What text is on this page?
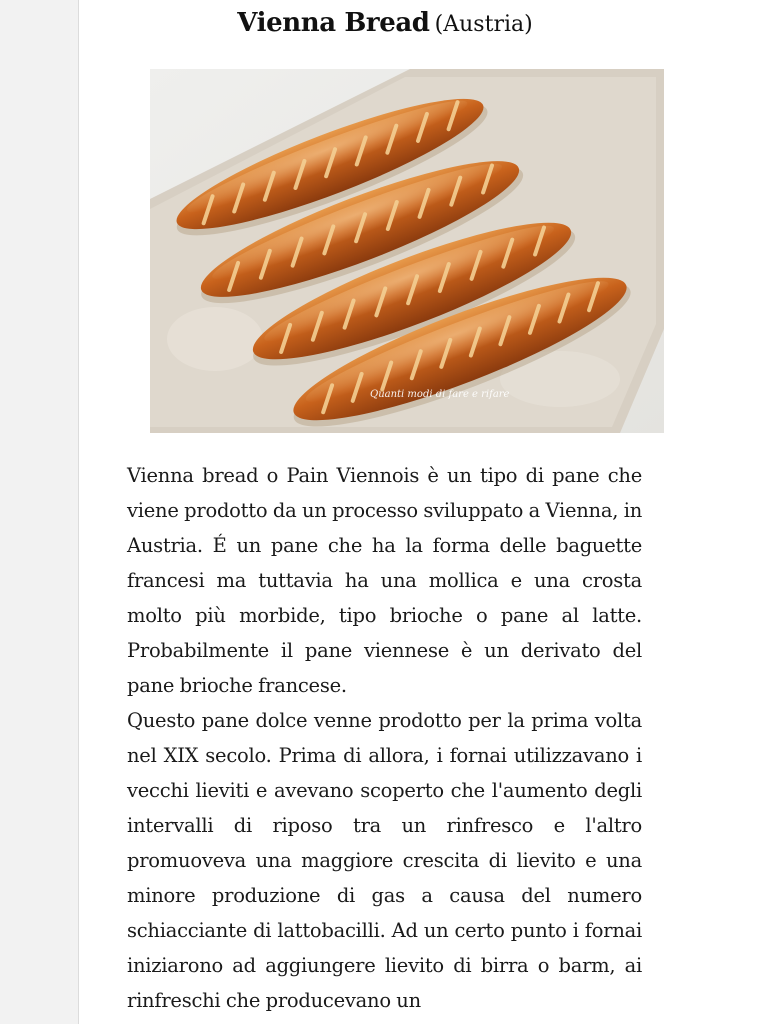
Vienna Bread (Austria)
Quanti modi di fare e rifare

Vienna bread o Pain Viennois è un tipo di pane che viene prodotto da un processo sviluppato a Vienna, in Austria. É un pane che ha la forma delle baguette francesi ma tuttavia ha una mollica e una crosta molto più morbide, tipo brioche o pane al latte. Probabilmente il pane viennese è un derivato del pane brioche francese.

Questo pane dolce venne prodotto per la prima volta nel XIX secolo. Prima di allora, i fornai utilizzavano i vecchi lieviti e avevano scoperto che l'aumento degli intervalli di riposo tra un rinfresco e l'altro promuoveva una maggiore crescita di lievito e una minore produzione di gas a causa del numero schiacciante di lattobacilli. Ad un certo punto i fornai iniziarono ad aggiungere lievito di birra o barm, ai rinfreschi che producevano un
